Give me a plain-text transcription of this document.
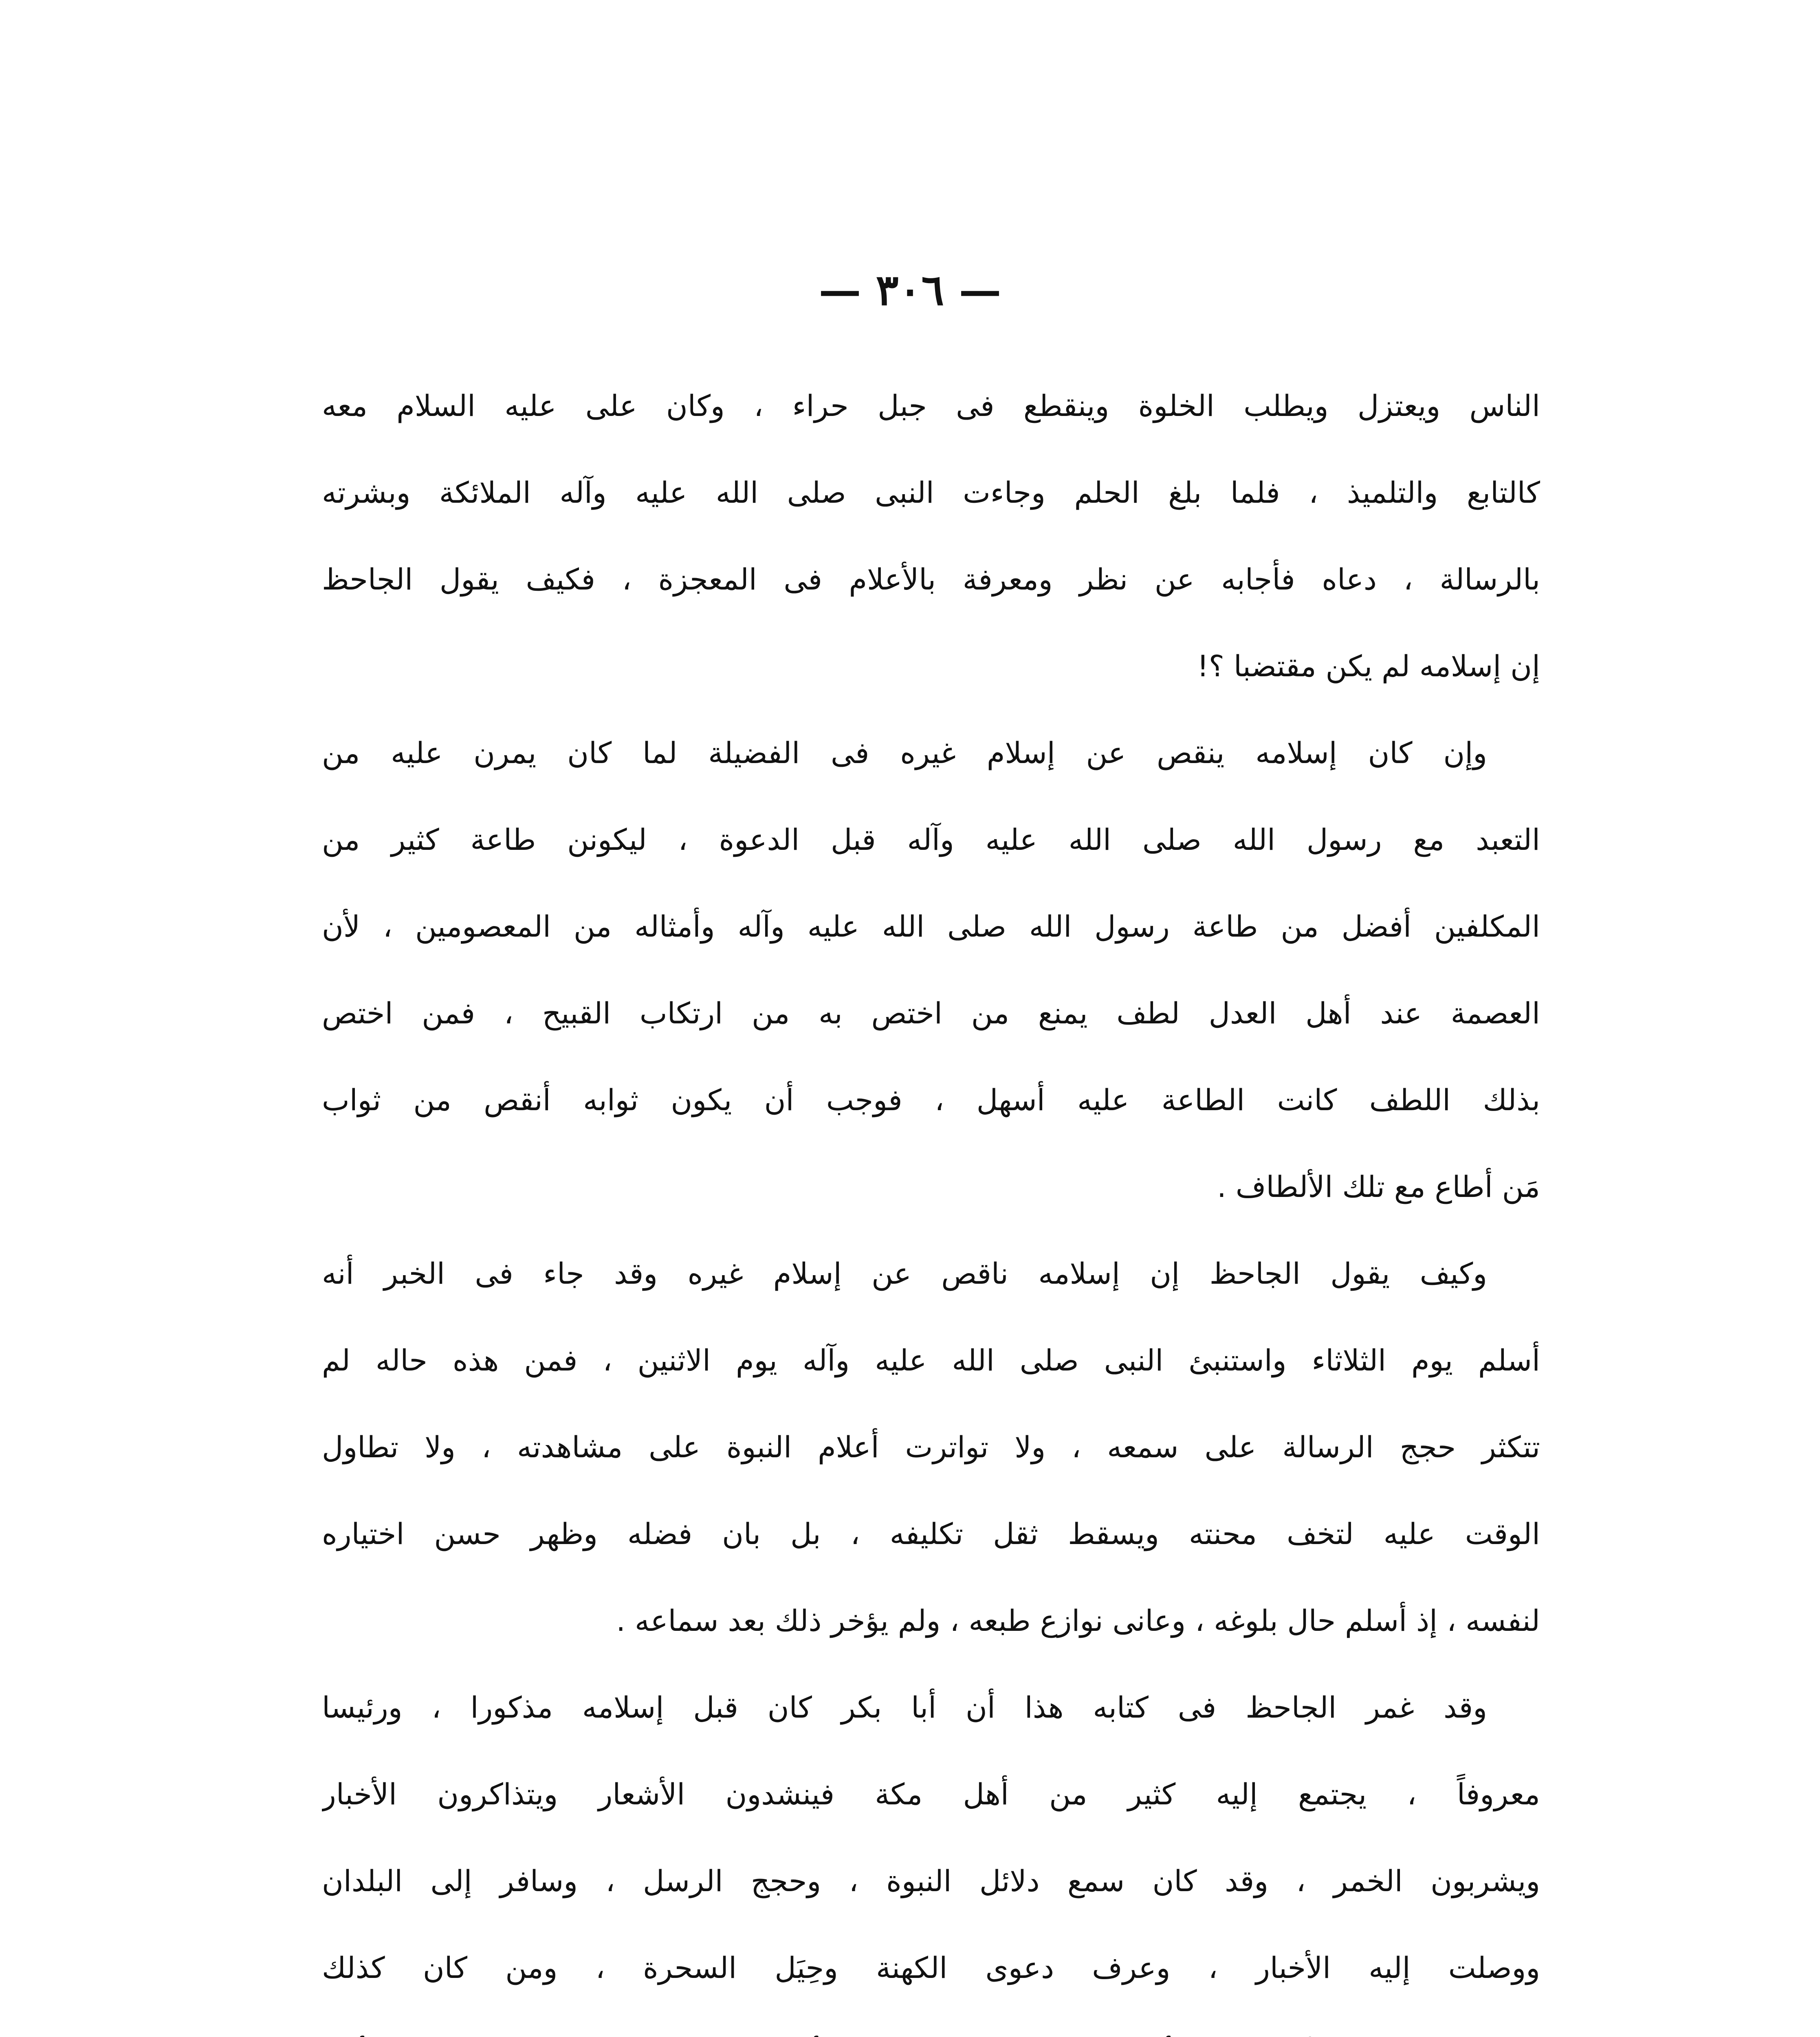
— ٣٠٦ —
الناس ويعتزل ويطلب الخلوة وينقطع فى جبل حراء ، وكان على عليه السلام معه
كالتابع والتلميذ ، فلما بلغ الحلم وجاءت النبى صلى الله عليه وآله الملائكة وبشرته
بالرسالة ، دعاه فأجابه عن نظر ومعرفة بالأعلام فى المعجزة ، فكيف يقول الجاحظ
إن إسلامه لم يكن مقتضبا ؟!
وإن كان إسلامه ينقص عن إسلام غيره فى الفضيلة لما كان يمرن عليه من
التعبد مع رسول الله صلى الله عليه وآله قبل الدعوة ، ليكونن طاعة كثير من
المكلفين أفضل من طاعة رسول الله صلى الله عليه وآله وأمثاله من المعصومين ، لأن
العصمة عند أهل العدل لطف يمنع من اختص به من ارتكاب القبيح ، فمن اختص
بذلك اللطف كانت الطاعة عليه أسهل ، فوجب أن يكون ثوابه أنقص من ثواب
مَن أطاع مع تلك الألطاف .
وكيف يقول الجاحظ إن إسلامه ناقص عن إسلام غيره وقد جاء فى الخبر أنه
أسلم يوم الثلاثاء واستنبئ النبى صلى الله عليه وآله يوم الاثنين ، فمن هذه حاله لم
تتكثر حجج الرسالة على سمعه ، ولا تواترت أعلام النبوة على مشاهدته ، ولا تطاول
الوقت عليه لتخف محنته ويسقط ثقل تكليفه ، بل بان فضله وظهر حسن اختياره
لنفسه ، إذ أسلم حال بلوغه ، وعانى نوازع طبعه ، ولم يؤخر ذلك بعد سماعه .
وقد غمر الجاحظ فى كتابه هذا أن أبا بكر كان قبل إسلامه مذكورا ، ورئيسا
معروفاً ، يجتمع إليه كثير من أهل مكة فينشدون الأشعار ويتذاكرون الأخبار
ويشربون الخمر ، وقد كان سمع دلائل النبوة ، وحجج الرسل ، وسافر إلى البلدان
ووصلت إليه الأخبار ، وعرف دعوى الكهنة وحِيَل السحرة ، ومن كان كذلك
